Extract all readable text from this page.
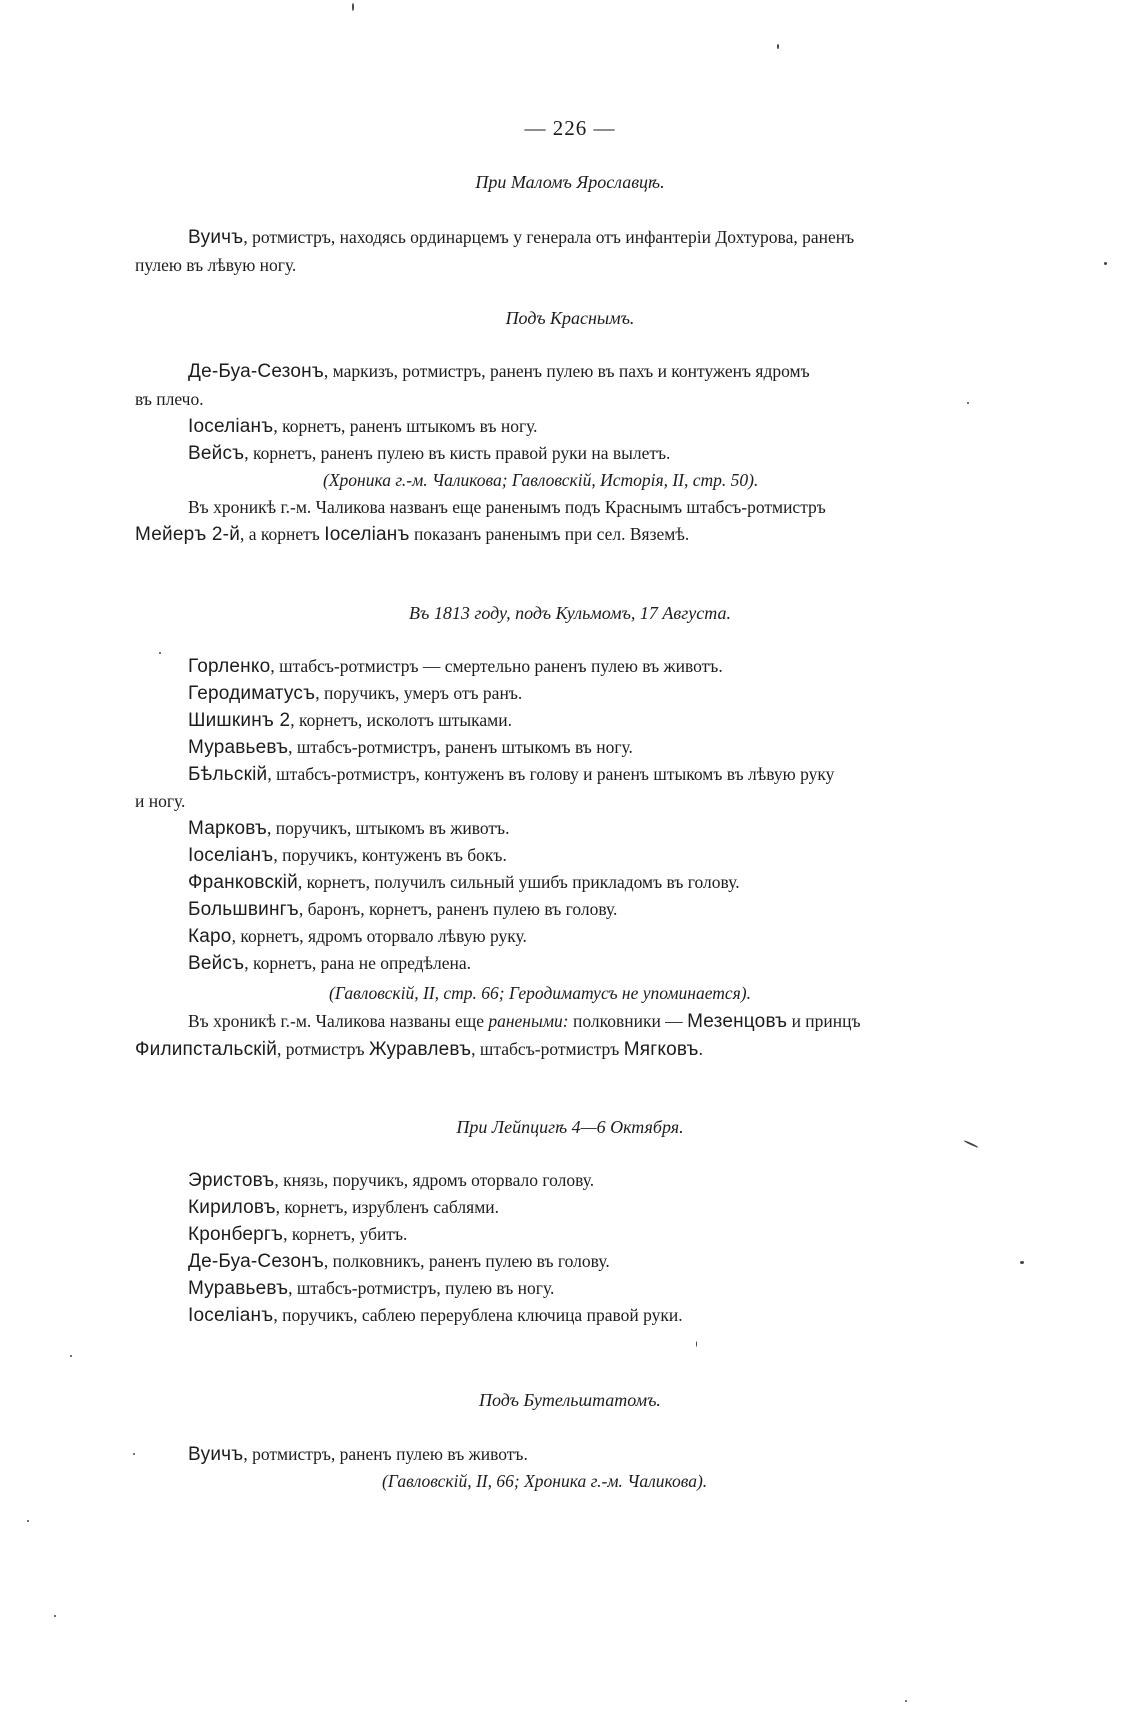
— 226 —
При Маломъ Ярославцѣ.
Вуичъ, ротмистръ, находясь ординарцемъ у генерала отъ инфантеріи Дохтурова, раненъ
пулею въ лѣвую ногу.
Подъ Краснымъ.
Де-Буа-Сезонъ, маркизъ, ротмистръ, раненъ пулею въ пахъ и контуженъ ядромъ
въ плечо.
Іоселіанъ, корнетъ, раненъ штыкомъ въ ногу.
Вейсъ, корнетъ, раненъ пулею въ кисть правой руки на вылетъ.
(Хроника г.-м. Чаликова; Гавловскій, Исторія, II, стр. 50).
Въ хроникѣ г.-м. Чаликова названъ еще раненымъ подъ Краснымъ штабсъ-ротмистръ
Мейеръ 2-й, а корнетъ Іоселіанъ показанъ раненымъ при сел. Вяземѣ.
Въ 1813 году, подъ Кульмомъ, 17 Августа.
Горленко, штабсъ-ротмистръ — смертельно раненъ пулею въ животъ.
Геродиматусъ, поручикъ, умеръ отъ ранъ.
Шишкинъ 2, корнетъ, исколотъ штыками.
Муравьевъ, штабсъ-ротмистръ, раненъ штыкомъ въ ногу.
Бѣльскій, штабсъ-ротмистръ, контуженъ въ голову и раненъ штыкомъ въ лѣвую руку
и ногу.
Марковъ, поручикъ, штыкомъ въ животъ.
Іоселіанъ, поручикъ, контуженъ въ бокъ.
Франковскій, корнетъ, получилъ сильный ушибъ прикладомъ въ голову.
Большвингъ, баронъ, корнетъ, раненъ пулею въ голову.
Каро, корнетъ, ядромъ оторвало лѣвую руку.
Вейсъ, корнетъ, рана не опредѣлена.
(Гавловскій, II, стр. 66; Геродиматусъ не упоминается).
Въ хроникѣ г.-м. Чаликова названы еще ранеными: полковники — Мезенцовъ и принцъ
Филипстальскій, ротмистръ Журавлевъ, штабсъ-ротмистръ Мягковъ.
При Лейпцигѣ 4—6 Октября.
Эристовъ, князь, поручикъ, ядромъ оторвало голову.
Кириловъ, корнетъ, изрубленъ саблями.
Кронбергъ, корнетъ, убитъ.
Де-Буа-Сезонъ, полковникъ, раненъ пулею въ голову.
Муравьевъ, штабсъ-ротмистръ, пулею въ ногу.
Іоселіанъ, поручикъ, саблею перерублена ключица правой руки.
Подъ Бутельштатомъ.
Вуичъ, ротмистръ, раненъ пулею въ животъ.
(Гавловскій, II, 66; Хроника г.-м. Чаликова).
